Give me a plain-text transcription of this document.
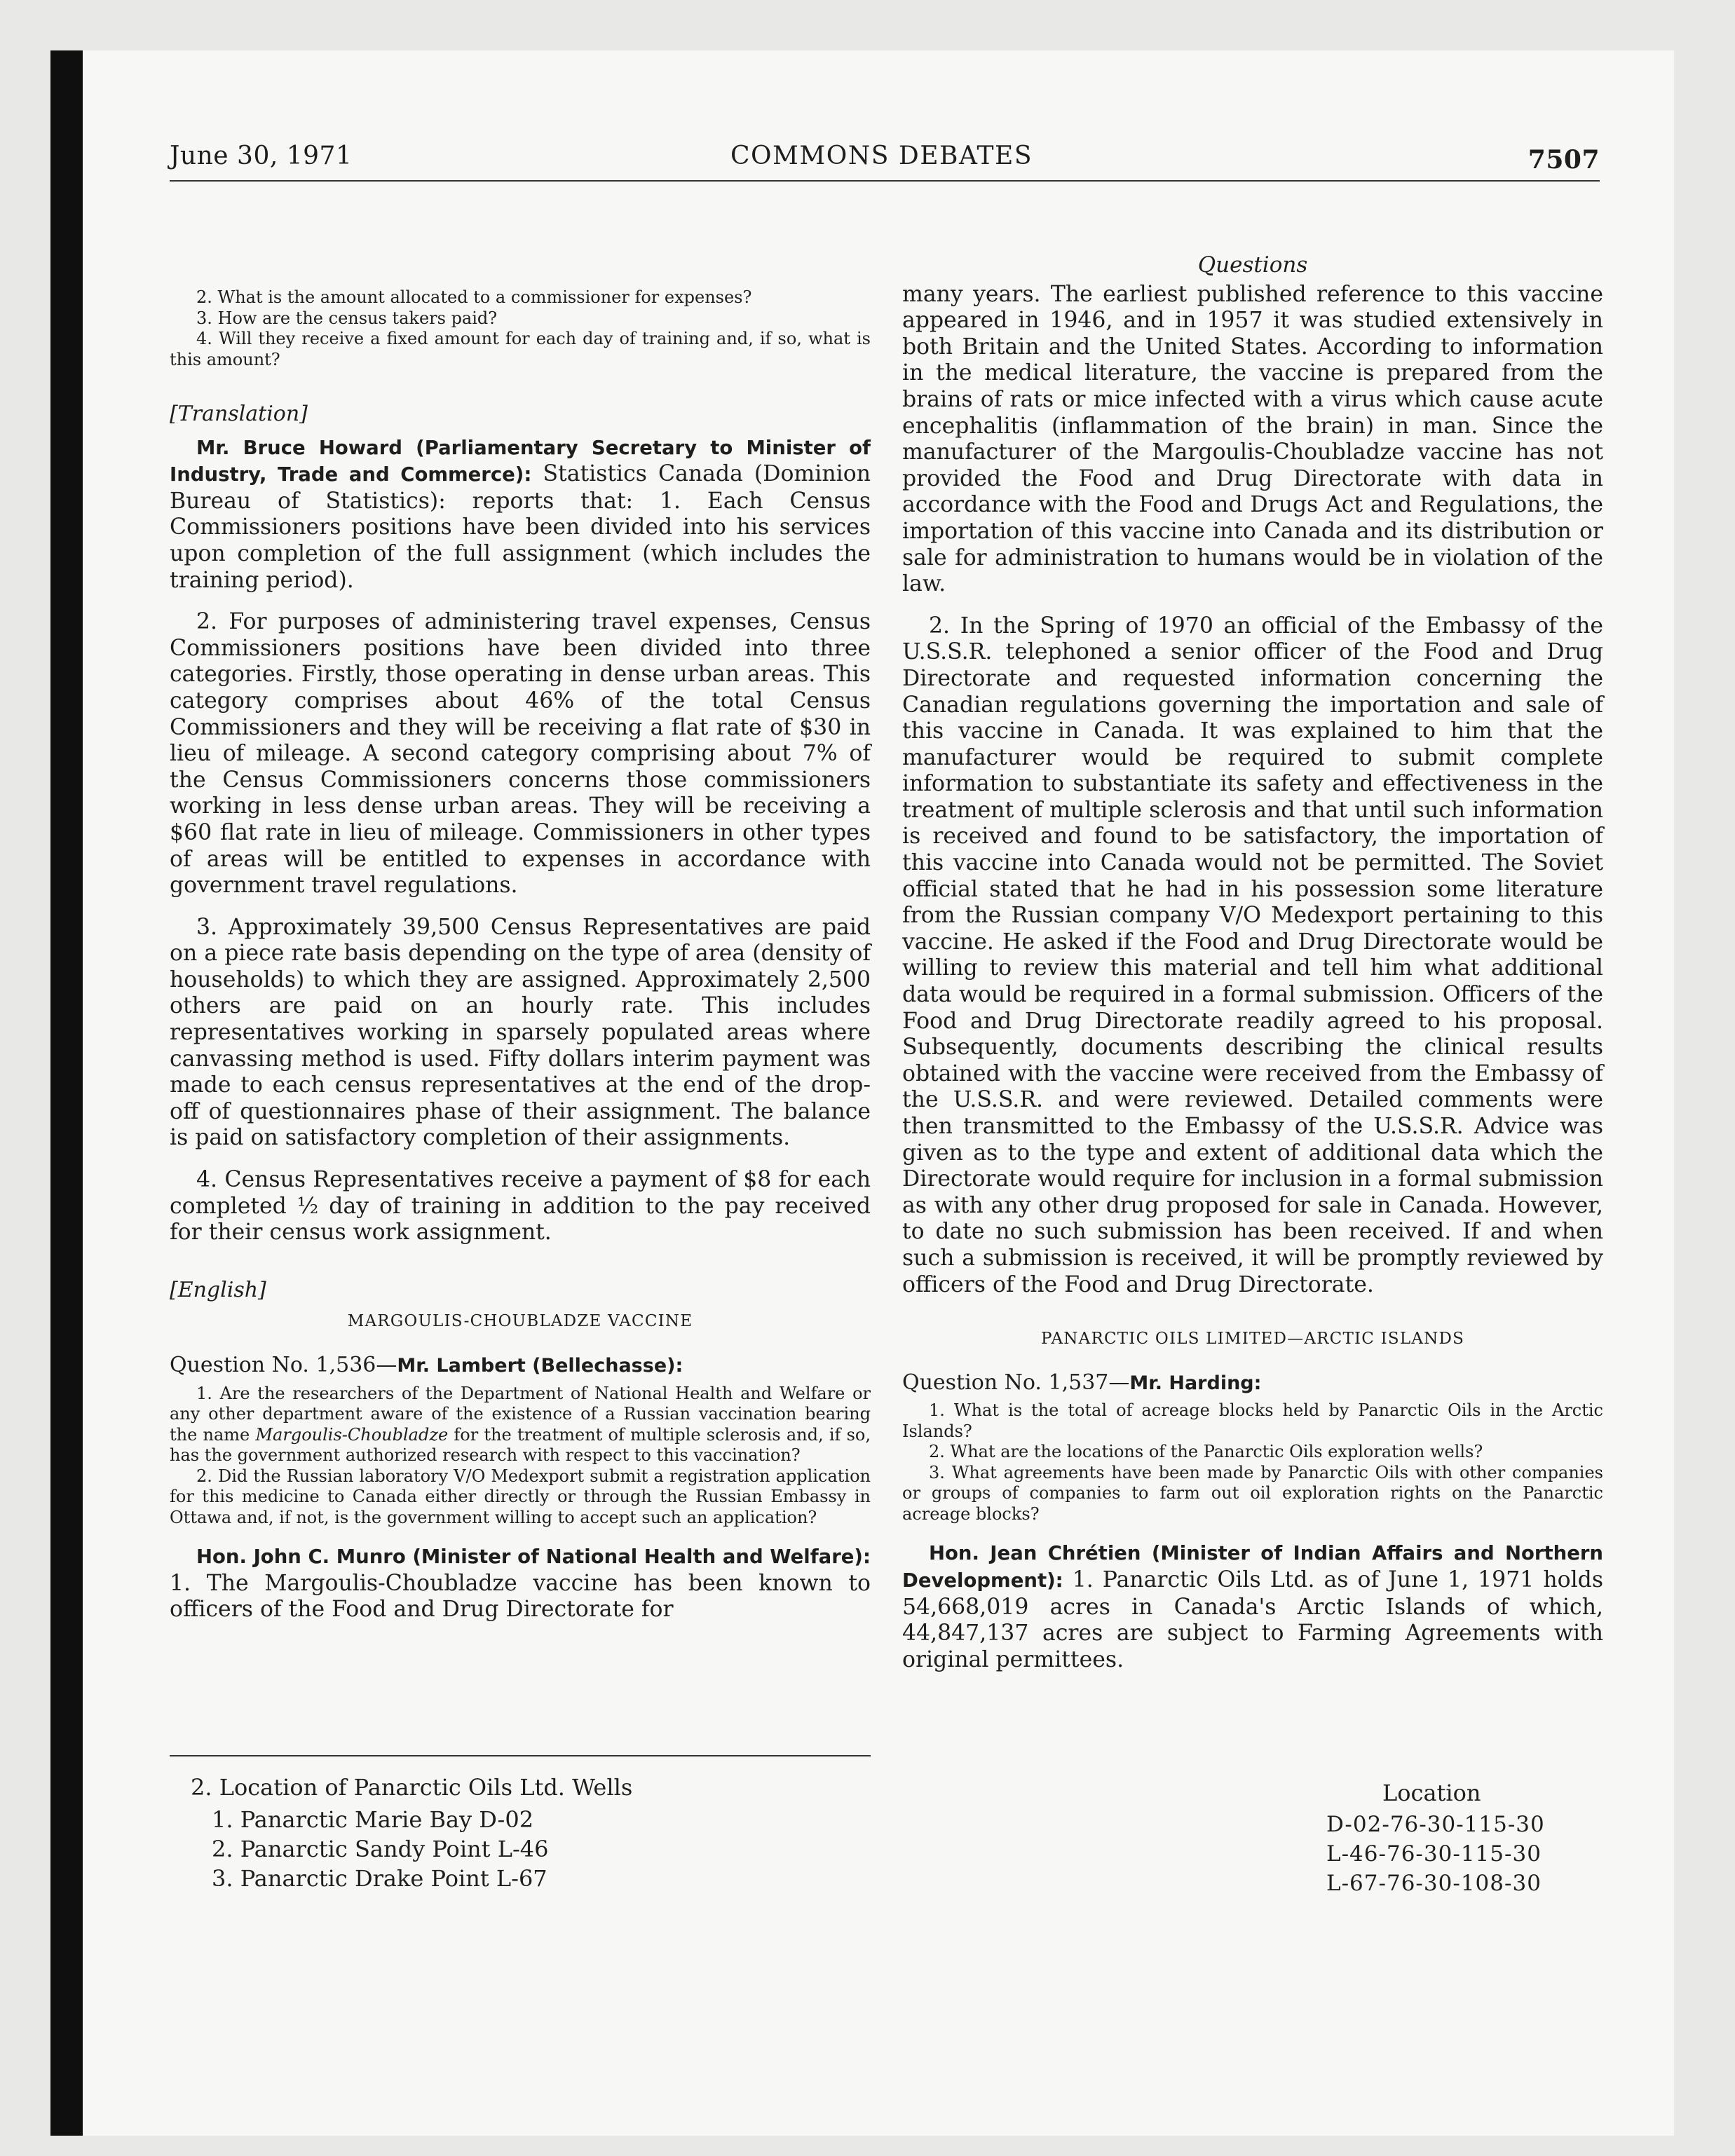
June 30, 1971	COMMONS DEBATES	7507

2. What is the amount allocated to a commissioner for expenses?

3. How are the census takers paid?

4. Will they receive a fixed amount for each day of training and, if so, what is this amount?

[Translation]

Mr. Bruce Howard (Parliamentary Secretary to Minister of Industry, Trade and Commerce): Statistics Canada (Dominion Bureau of Statistics): reports that: 1. Each Census Commissioners positions have been divided into his services upon completion of the full assignment (which includes the training period).

2. For purposes of administering travel expenses, Census Commissioners positions have been divided into three categories. Firstly, those operating in dense urban areas. This category comprises about 46% of the total Census Commissioners and they will be receiving a flat rate of $30 in lieu of mileage. A second category comprising about 7% of the Census Commissioners concerns those commissioners working in less dense urban areas. They will be receiving a $60 flat rate in lieu of mileage. Commissioners in other types of areas will be entitled to expenses in accordance with government travel regulations.

3. Approximately 39,500 Census Representatives are paid on a piece rate basis depending on the type of area (density of households) to which they are assigned. Approximately 2,500 others are paid on an hourly rate. This includes representatives working in sparsely populated areas where canvassing method is used. Fifty dollars interim payment was made to each census representatives at the end of the drop-off of questionnaires phase of their assignment. The balance is paid on satisfactory completion of their assignments.

4. Census Representatives receive a payment of $8 for each completed ½ day of training in addition to the pay received for their census work assignment.

[English]

MARGOULIS-CHOUBLADZE VACCINE

Question No. 1,536—Mr. Lambert (Bellechasse):

1. Are the researchers of the Department of National Health and Welfare or any other department aware of the existence of a Russian vaccination bearing the name Margoulis-Choubladze for the treatment of multiple sclerosis and, if so, has the government authorized research with respect to this vaccination?

2. Did the Russian laboratory V/O Medexport submit a registration application for this medicine to Canada either directly or through the Russian Embassy in Ottawa and, if not, is the government willing to accept such an application?

Hon. John C. Munro (Minister of National Health and Welfare): 1. The Margoulis-Choubladze vaccine has been known to officers of the Food and Drug Directorate for

Questions

many years. The earliest published reference to this vaccine appeared in 1946, and in 1957 it was studied extensively in both Britain and the United States. According to information in the medical literature, the vaccine is prepared from the brains of rats or mice infected with a virus which cause acute encephalitis (inflammation of the brain) in man. Since the manufacturer of the Margoulis-Choubladze vaccine has not provided the Food and Drug Directorate with data in accordance with the Food and Drugs Act and Regulations, the importation of this vaccine into Canada and its distribution or sale for administration to humans would be in violation of the law.

2. In the Spring of 1970 an official of the Embassy of the U.S.S.R. telephoned a senior officer of the Food and Drug Directorate and requested information concerning the Canadian regulations governing the importation and sale of this vaccine in Canada. It was explained to him that the manufacturer would be required to submit complete information to substantiate its safety and effectiveness in the treatment of multiple sclerosis and that until such information is received and found to be satisfactory, the importation of this vaccine into Canada would not be permitted. The Soviet official stated that he had in his possession some literature from the Russian company V/O Medexport pertaining to this vaccine. He asked if the Food and Drug Directorate would be willing to review this material and tell him what additional data would be required in a formal submission. Officers of the Food and Drug Directorate readily agreed to his proposal. Subsequently, documents describing the clinical results obtained with the vaccine were received from the Embassy of the U.S.S.R. and were reviewed. Detailed comments were then transmitted to the Embassy of the U.S.S.R. Advice was given as to the type and extent of additional data which the Directorate would require for inclusion in a formal submission as with any other drug proposed for sale in Canada. However, to date no such submission has been received. If and when such a submission is received, it will be promptly reviewed by officers of the Food and Drug Directorate.

PANARCTIC OILS LIMITED—ARCTIC ISLANDS

Question No. 1,537—Mr. Harding:

1. What is the total of acreage blocks held by Panarctic Oils in the Arctic Islands?

2. What are the locations of the Panarctic Oils exploration wells?

3. What agreements have been made by Panarctic Oils with other companies or groups of companies to farm out oil exploration rights on the Panarctic acreage blocks?

Hon. Jean Chrétien (Minister of Indian Affairs and Northern Development): 1. Panarctic Oils Ltd. as of June 1, 1971 holds 54,668,019 acres in Canada's Arctic Islands of which, 44,847,137 acres are subject to Farming Agreements with original permittees.

2. Location of Panarctic Oils Ltd. Wells

1. Panarctic Marie Bay D-02
2. Panarctic Sandy Point L-46
3. Panarctic Drake Point L-67

Location

D-02-76-30-115-30
L-46-76-30-115-30
L-67-76-30-108-30
